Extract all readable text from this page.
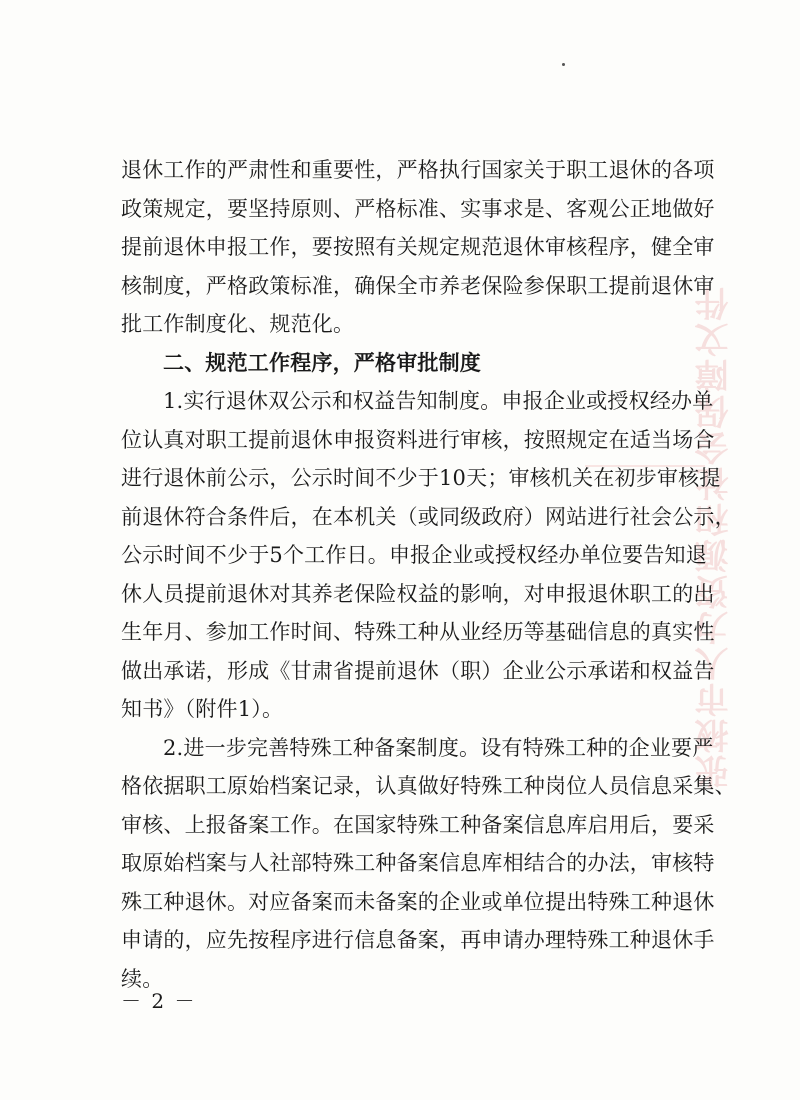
张掖市人力资源和社会保障文件
退休工作的严肃性和重要性，严格执行国家关于职工退休的各项
政策规定，要坚持原则、严格标准、实事求是、客观公正地做好
提前退休申报工作，要按照有关规定规范退休审核程序，健全审
核制度，严格政策标准，确保全市养老保险参保职工提前退休审
批工作制度化、规范化。
二、规范工作程序，严格审批制度
1.实行退休双公示和权益告知制度。申报企业或授权经办单
位认真对职工提前退休申报资料进行审核，按照规定在适当场合
进行退休前公示，公示时间不少于10天；审核机关在初步审核提
前退休符合条件后，在本机关（或同级政府）网站进行社会公示，
公示时间不少于5个工作日。申报企业或授权经办单位要告知退
休人员提前退休对其养老保险权益的影响，对申报退休职工的出
生年月、参加工作时间、特殊工种从业经历等基础信息的真实性
做出承诺，形成《甘肃省提前退休（职）企业公示承诺和权益告
知书》（附件1）。
2.进一步完善特殊工种备案制度。设有特殊工种的企业要严
格依据职工原始档案记录，认真做好特殊工种岗位人员信息采集、
审核、上报备案工作。在国家特殊工种备案信息库启用后，要采
取原始档案与人社部特殊工种备案信息库相结合的办法，审核特
殊工种退休。对应备案而未备案的企业或单位提出特殊工种退休
申请的，应先按程序进行信息备案，再申请办理特殊工种退休手
续。
－ 2 －
